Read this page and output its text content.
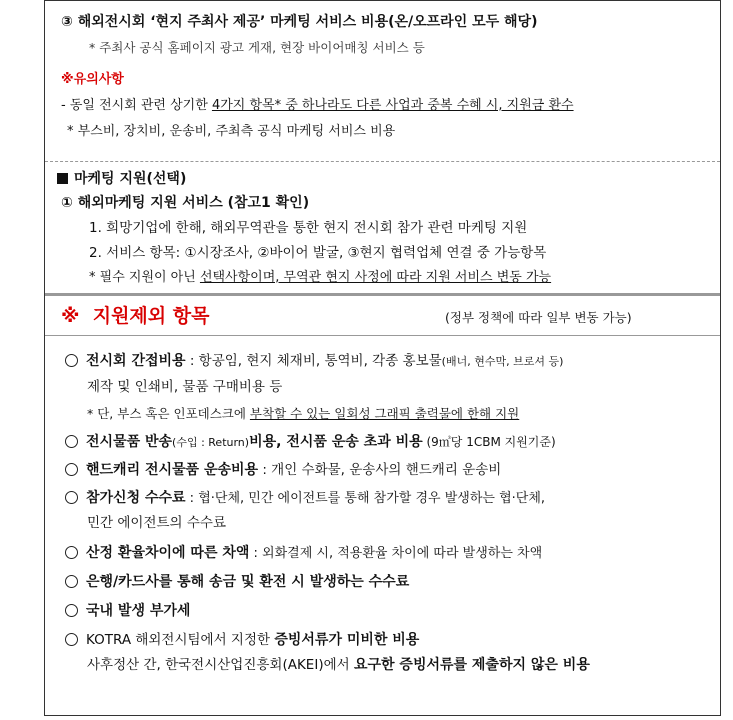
③ 해외전시회 ‘현지 주최사 제공’ 마케팅 서비스 비용(온/오프라인 모두 해당)
* 주최사 공식 홈페이지 광고 게재, 현장 바이어매칭 서비스 등
※유의사항
- 동일 전시회 관련 상기한 4가지 항목* 중 하나라도 다른 사업과 중복 수혜 시, 지원금 환수
* 부스비, 장치비, 운송비, 주최측 공식 마케팅 서비스 비용
마케팅 지원(선택)
① 해외마케팅 지원 서비스 (참고1 확인)
1. 희망기업에 한해, 해외무역관을 통한 현지 전시회 참가 관련 마케팅 지원
2. 서비스 항목: ①시장조사, ②바이어 발굴, ③현지 협력업체 연결 중 가능항목
* 필수 지원이 아닌 선택사항이며, 무역관 현지 사정에 따라 지원 서비스 변동 가능
※ 지원제외 항목	(정부 정책에 따라 일부 변동 가능)
전시회 간접비용 : 항공임, 현지 체재비, 통역비, 각종 홍보물(배너, 현수막, 브로셔 등)
제작 및 인쇄비, 물품 구매비용 등
* 단, 부스 혹은 인포데스크에 부착할 수 있는 일회성 그래픽 출력물에 한해 지원
전시물품 반송(수입 : Return)비용, 전시품 운송 초과 비용 (9㎥당 1CBM 지원기준)
핸드캐리 전시물품 운송비용 : 개인 수화물, 운송사의 핸드캐리 운송비
참가신청 수수료 : 협·단체, 민간 에이전트를 통해 참가할 경우 발생하는 협·단체,
민간 에이전트의 수수료
산정 환율차이에 따른 차액 : 외화결제 시, 적용환율 차이에 따라 발생하는 차액
은행/카드사를 통해 송금 및 환전 시 발생하는 수수료
국내 발생 부가세
KOTRA 해외전시팀에서 지정한 증빙서류가 미비한 비용
사후정산 간, 한국전시산업진흥회(AKEI)에서 요구한 증빙서류를 제출하지 않은 비용
